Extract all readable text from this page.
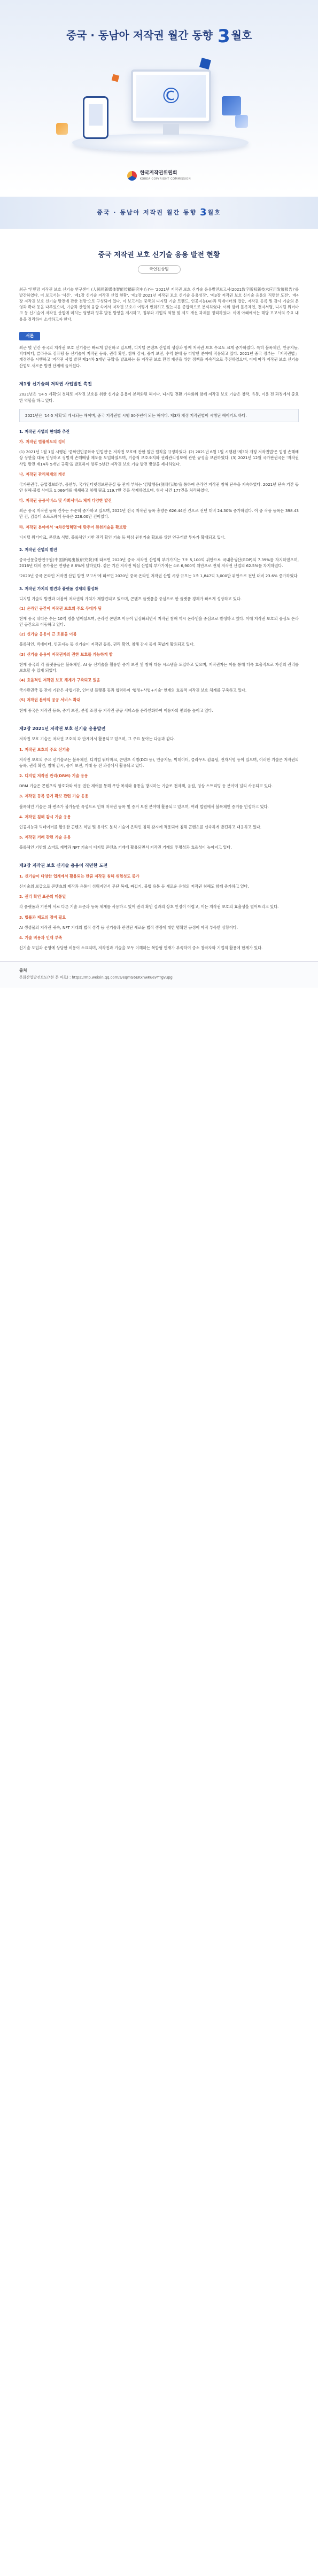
중국 · 동남아 저작권 월간 동향 3 월호
©
한국저작권위원회
KOREA COPYRIGHT COMMISSION
중국 · 동남아 저작권 월간 동향 3월호
중국 저작권 보호 신기술 응용 발전 현황
국연진상팀

최근 '인민망 저작권 보호 신기술 연구센터 (人民网新媒体智能传播研究中心)'는 '2021년 저작권 보호 신기술 응용발전보고서(2021数字版权新技术应用发展报告)'를 발간하였다. 이 보고서는 '서론', '제1장 신기술 저작권 산업 현황', '제2장 2021년 저작권 보호 신기술 응용성장', '제3장 저작권 보호 신기술 응용의 직면한 도전', '제4장 저작권 보호 신기술 발전에 관한 전망'으로 구성되어 있다. 이 보고서는 중국의 디지털 기술 트렌드, 인공지능(AI)과 빅데이터의 결합, 저작권 등록 및 감시 기술의 운영과 확대 등을 다루었으며, 기술과 산업의 융합 속에서 저작권 보호가 어떻게 변화하고 있는지를 종합적으로 분석하였다. 이와 함께 블록체인, 전자서명, 디지털 워터마크 등 신기술이 저작권 산업에 미치는 영향과 향후 발전 방향을 제시하고, 정부와 기업의 역할 및 제도 개선 과제를 정리하였다. 이에 아래에서는 해당 보고서의 주요 내용을 정리하여 소개하고자 한다.

서론

최근 몇 년간 중국의 저작권 보호 신기술은 빠르게 발전하고 있으며, 디지털 콘텐츠 산업의 성장과 함께 저작권 보호 수요도 크게 증가하였다. 특히 블록체인, 인공지능, 빅데이터, 클라우드 컴퓨팅 등 신기술이 저작권 등록, 권리 확인, 침해 감시, 증거 보전, 수익 분배 등 다양한 분야에 적용되고 있다. 2021년 중국 정부는 「저작권법」 개정안을 시행하고 '저작권 사업 발전 제14차 5개년 규획'을 발표하는 등 저작권 보호 환경 개선을 위한 정책을 지속적으로 추진하였으며, 이에 따라 저작권 보호 신기술 산업도 새로운 발전 단계에 들어섰다.

제1장 신기술의 저작권 사업발전 촉진

2021년은 '14·5 계획'의 첫해로 저작권 보호를 위한 신기술 응용이 본격화된 해이다. 디지털 전환 가속화와 함께 저작권 보호 기술은 창작, 유통, 이용 전 과정에서 중요한 역할을 하고 있다.

2021년은 '14·5 계획'의 개시되는 해이며, 중국 저작권법 시행 30주년이 되는 해이다. 제3차 개정 저작권법이 시행된 해이기도 하다.
1. 저작권 사업의 현대화 추진
가. 저작권 법률제도의 정비

(1) 2021년 1월 1일 시행된 '중화인민공화국 민법전'은 저작권 보호에 관한 일반 원칙을 규정하였다. (2) 2021년 6월 1일 시행된 '제3차 개정 저작권법'은 법정 손해배상 상한을 대폭 인상하고 징벌적 손해배상 제도를 도입하였으며, 기술적 보호조치와 권리관리정보에 관한 규정을 보완하였다. (3) 2021년 12월 국가판권국은 '저작권 사업 발전 제14차 5개년 규획'을 발표하여 향후 5년간 저작권 보호 기술 발전 방향을 제시하였다.

나. 저작권 관리체계의 개선

국가판권국, 공업정보화부, 공안부, 국가인터넷정보판공실 등 관계 부처는 '검망행동(剑网行动)'을 통하여 온라인 저작권 침해 단속을 지속하였다. 2021년 단속 기간 동안 침해·불법 사이트 1,066개를 폐쇄하고 침해 링크 119.7만 건을 삭제하였으며, 형사 사건 177건을 처리하였다.

다. 저작권 공공서비스 및 사회서비스 체계 다양한 발전

최근 중국 저작권 등록 건수는 꾸준히 증가하고 있으며, 2021년 전국 저작권 등록 총량은 626.44만 건으로 전년 대비 24.30% 증가하였다. 이 중 작품 등록은 398.43만 건, 컴퓨터 소프트웨어 등록은 228.00만 건이었다.

라. 저작권 분야에서 '4차산업혁명'에 맞추어 원천기술을 확보함

디지털 워터마크, 콘텐츠 식별, 블록체인 기반 권리 확인 기술 등 핵심 원천기술 확보를 위한 연구개발 투자가 확대되고 있다.

2. 저작권 산업의 발전

중국신문출판연구원(中国新闻出版研究院)에 따르면 2020년 중국 저작권 산업의 부가가치는 7조 5,100억 위안으로 국내총생산(GDP)의 7.39%를 차지하였으며, 2016년 대비 증가율은 연평균 8.6%에 달하였다. 같은 기간 저작권 핵심 산업의 부가가치는 4조 6,900억 위안으로 전체 저작권 산업의 62.5%를 차지하였다.

'2020년 중국 온라인 저작권 산업 발전 보고서'에 따르면 2020년 중국 온라인 저작권 산업 시장 규모는 1조 1,847억 3,000만 위안으로 전년 대비 23.6% 증가하였다.

3. 저작권 가치의 발견과 플랫폼 경제의 활성화

디지털 기술의 발전과 더불어 저작권의 가치가 재발견되고 있으며, 콘텐츠 플랫폼을 중심으로 한 플랫폼 경제가 빠르게 성장하고 있다.

(1) 온라인 공간이 저작권 보호의 주요 무대가 됨

현재 중국 네티즌 수는 10억 명을 넘어섰으며, 온라인 콘텐츠 이용이 일상화되면서 저작권 침해 역시 온라인을 중심으로 발생하고 있다. 이에 저작권 보호의 중심도 온라인 공간으로 이동하고 있다.

(2) 신기술 응용이 큰 흐름을 이룸

블록체인, 빅데이터, 인공지능 등 신기술이 저작권 등록, 권리 확인, 침해 감시 등에 폭넓게 활용되고 있다.

(3) 신기술 응용이 저작권자의 권한 보호를 가능하게 함

현재 중국의 각 플랫폼들은 블록체인, AI 등 신기술을 활용한 증거 보전 및 침해 대응 시스템을 도입하고 있으며, 저작권자는 이를 통해 더욱 효율적으로 자신의 권리를 보호할 수 있게 되었다.

(4) 효율적인 저작권 보호 체계가 구축되고 있음

국가판권국 등 관계 기관은 사법기관, 인터넷 플랫폼 등과 협력하여 '행정+사법+기술' 연계의 효율적 저작권 보호 체계를 구축하고 있다.

(5) 저작권 분야의 공공 서비스 확대

현재 중국은 저작권 등록, 증거 보전, 분쟁 조정 등 저작권 공공 서비스를 온라인화하여 이용자의 편의를 높이고 있다.

제2장 2021년 저작권 보호 신기술 응용발전

저작권 보호 기술은 저작권 보호의 각 단계에서 활용되고 있으며, 그 주요 분야는 다음과 같다.

1. 저작권 보호의 주요 신기술

저작권 보호의 주요 신기술로는 블록체인, 디지털 워터마크, 콘텐츠 식별(DCI 등), 인공지능, 빅데이터, 클라우드 컴퓨팅, 전자서명 등이 있으며, 이러한 기술은 저작권의 등록, 권리 확인, 침해 감시, 증거 보전, 거래 등 전 과정에서 활용되고 있다.

2. 디지털 저작권 관리(DRM) 기술 응용

DRM 기술은 콘텐츠의 암호화와 이용 권한 제어를 통해 무단 복제와 유통을 방지하는 기술로 전자책, 음원, 영상 스트리밍 등 분야에 널리 사용되고 있다.

3. 저작권 등록 증거 확보 관련 기술 응용

블록체인 기술은 위·변조가 불가능한 특성으로 인해 저작권 등록 및 증거 보전 분야에 활용되고 있으며, 여러 법원에서 블록체인 증거를 인정하고 있다.

4. 저작권 침해 감시 기술 응용

인공지능과 빅데이터를 활용한 콘텐츠 식별 및 유사도 분석 기술이 온라인 침해 감시에 적용되어 침해 콘텐츠를 신속하게 발견하고 대응하고 있다.

5. 저작권 거래 관련 기술 응용

블록체인 기반의 스마트 계약과 NFT 기술이 디지털 콘텐츠 거래에 활용되면서 저작권 거래의 투명성과 효율성이 높아지고 있다.

제3장 저작권 보호 신기술 응용이 직면한 도전
1. 신기술이 다양한 업계에서 활용되는 만큼 저작권 침해 위험성도 증가

신기술의 보급으로 콘텐츠의 제작과 유통이 쉬워지면서 무단 복제, 짜깁기, 불법 유통 등 새로운 유형의 저작권 침해도 함께 증가하고 있다.

2. 권리 확인 표준의 미통일

각 플랫폼과 기관이 서로 다른 기술 표준과 등록 체계를 사용하고 있어 권리 확인 결과의 상호 인정이 어렵고, 이는 저작권 보호의 효율성을 떨어뜨리고 있다.

3. 법률과 제도의 정비 필요

AI 생성물의 저작권 귀속, NFT 거래의 법적 성격 등 신기술과 관련된 새로운 법적 쟁점에 대한 명확한 규정이 아직 부족한 상황이다.

4. 기술 비용과 인재 부족

신기술 도입과 운영에 상당한 비용이 소요되며, 저작권과 기술을 모두 이해하는 복합형 인재가 부족하여 중소 창작자와 기업의 활용에 한계가 있다.

출처
문화산업발전보도(*본 문 바로) : https://mp.weixin.qq.com/s/eqmG6EKxnwKuevYTgvupg
